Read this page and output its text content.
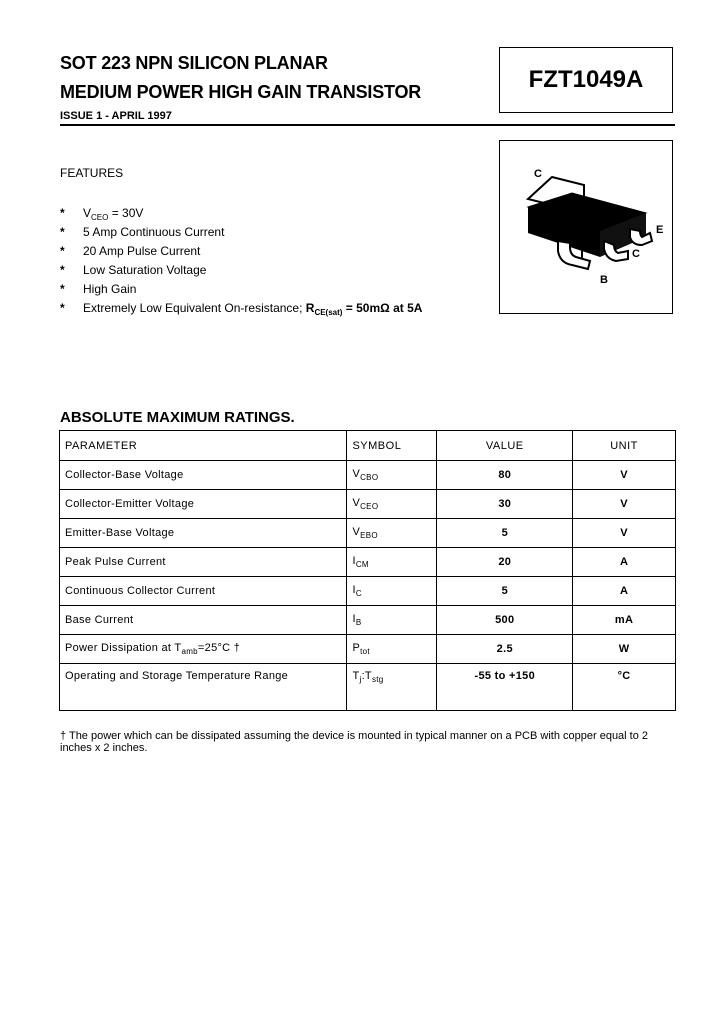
SOT 223 NPN SILICON PLANAR
MEDIUM POWER HIGH GAIN TRANSISTOR
ISSUE 1 - APRIL 1997
FZT1049A
C
E
C
B
FEATURES
* $V_{CEO} = 30V$
* 5 Amp Continuous Current
* 20 Amp Pulse Current
* Low Saturation Voltage
* High Gain
* Extremely Low Equivalent On-resistance; $R_{CE(sat)} = 50m\Omega$ at 5A
ABSOLUTE MAXIMUM RATINGS.
PARAMETER	SYMBOL	VALUE	UNIT
Collector-Base Voltage	$V_{CBO}$	80	V
Collector-Emitter Voltage	$V_{CEO}$	30	V
Emitter-Base Voltage	$V_{EBO}$	5	V
Peak Pulse Current	$I_{CM}$	20	A
Continuous Collector Current	$I_C$	5	A
Base Current	$I_B$	500	mA
Power Dissipation at $T_{amb}=25^\circ C$ †	$P_{tot}$	2.5	W
Operating and Storage Temperature Range	$T_j:T_{stg}$	-55 to +150	°C
† The power which can be dissipated assuming the device is mounted in typical manner on a PCB with copper equal to 2 inches x 2 inches.
